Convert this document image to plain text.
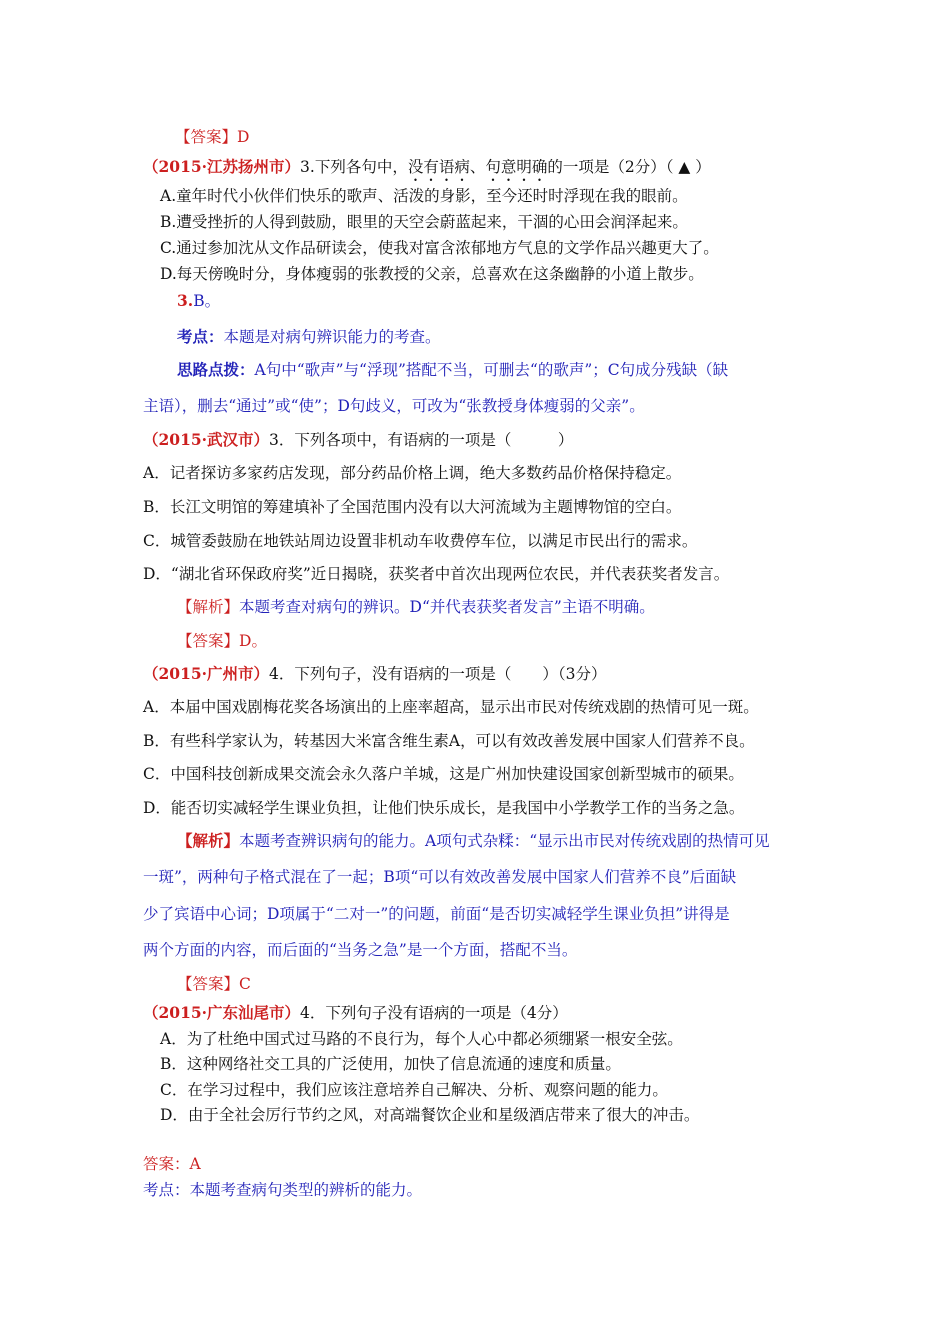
【答案】D
（2015·江苏扬州市）3.下列各句中，没有语病、句意明确的一项是（2分）（ ▲ ）
A.童年时代小伙伴们快乐的歌声、活泼的身影，至今还时时浮现在我的眼前。
B.遭受挫折的人得到鼓励，眼里的天空会蔚蓝起来，干涸的心田会润泽起来。
C.通过参加沈从文作品研读会，使我对富含浓郁地方气息的文学作品兴趣更大了。
D.每天傍晚时分，身体瘦弱的张教授的父亲，总喜欢在这条幽静的小道上散步。
3.B。
考点：本题是对病句辨识能力的考查。
思路点拨：A句中“歌声”与“浮现”搭配不当，可删去“的歌声”；C句成分残缺（缺
主语），删去“通过”或“使”；D句歧义，可改为“张教授身体瘦弱的父亲”。
（2015·武汉市）3．下列各项中，有语病的一项是（　　　）
A．记者探访多家药店发现，部分药品价格上调，绝大多数药品价格保持稳定。
B．长江文明馆的筹建填补了全国范围内没有以大河流域为主题博物馆的空白。
C．城管委鼓励在地铁站周边设置非机动车收费停车位，以满足市民出行的需求。
D．“湖北省环保政府奖”近日揭晓，获奖者中首次出现两位农民，并代表获奖者发言。
【解析】本题考查对病句的辨识。D“并代表获奖者发言”主语不明确。
【答案】D。
（2015·广州市）4．下列句子，没有语病的一项是（　　）（3分）
A．本届中国戏剧梅花奖各场演出的上座率超高，显示出市民对传统戏剧的热情可见一斑。
B．有些科学家认为，转基因大米富含维生素A，可以有效改善发展中国家人们营养不良。
C．中国科技创新成果交流会永久落户羊城，这是广州加快建设国家创新型城市的硕果。
D．能否切实减轻学生课业负担，让他们快乐成长，是我国中小学教学工作的当务之急。
【解析】本题考查辨识病句的能力。A项句式杂糅：“显示出市民对传统戏剧的热情可见
一斑”，两种句子格式混在了一起；B项“可以有效改善发展中国家人们营养不良”后面缺
少了宾语中心词；D项属于“二对一”的问题，前面“是否切实减轻学生课业负担”讲得是
两个方面的内容，而后面的“当务之急”是一个方面，搭配不当。
【答案】C
（2015·广东汕尾市）4．下列句子没有语病的一项是（4分）
A．为了杜绝中国式过马路的不良行为，每个人心中都必须绷紧一根安全弦。
B．这种网络社交工具的广泛使用，加快了信息流通的速度和质量。
C．在学习过程中，我们应该注意培养自己解决、分析、观察问题的能力。
D．由于全社会厉行节约之风，对高端餐饮企业和星级酒店带来了很大的冲击。
答案：A
考点：本题考查病句类型的辨析的能力。
